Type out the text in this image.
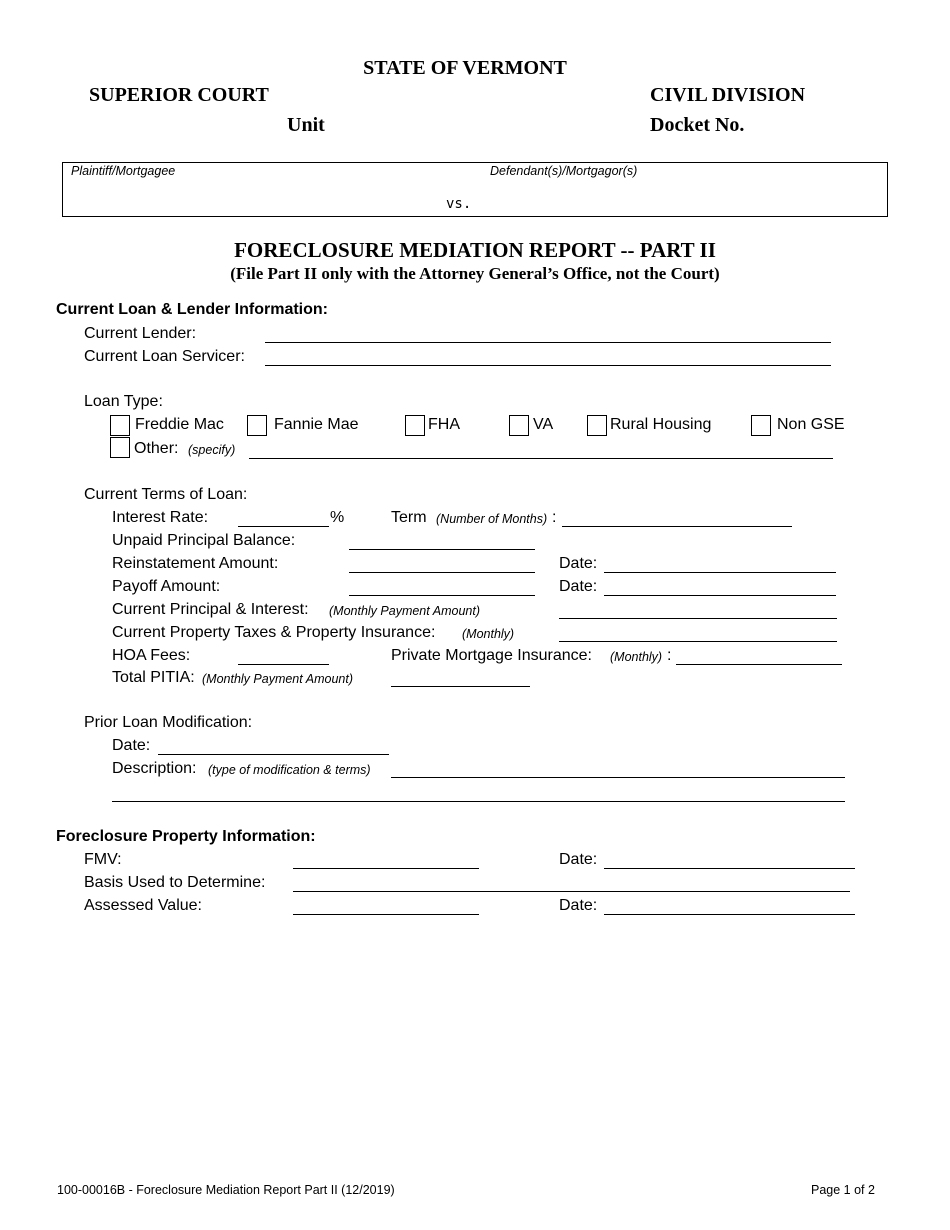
STATE OF VERMONT
SUPERIOR COURT	CIVIL DIVISION
Unit	Docket No.
Plaintiff/Mortgagee	Defendant(s)/Mortgagor(s)
vs.
FORECLOSURE MEDIATION REPORT -- PART II
(File Part II only with the Attorney General’s Office, not the Court)
Current Loan & Lender Information:
Current Lender:
Current Loan Servicer:
Loan Type:
Freddie Mac	Fannie Mae	FHA	VA	Rural Housing	Non GSE
Other: (specify)
Current Terms of Loan:
Interest Rate:	%	Term (Number of Months) :
Unpaid Principal Balance:
Reinstatement Amount:	Date:
Payoff Amount:	Date:
Current Principal & Interest: (Monthly Payment Amount)
Current Property Taxes & Property Insurance: (Monthly)
HOA Fees:	Private Mortgage Insurance: (Monthly) :
Total PITIA: (Monthly Payment Amount)
Prior Loan Modification:
Date:
Description: (type of modification & terms)
Foreclosure Property Information:
FMV:	Date:
Basis Used to Determine:
Assessed Value:	Date:
100-00016B - Foreclosure Mediation Report Part II (12/2019)	Page 1 of 2
